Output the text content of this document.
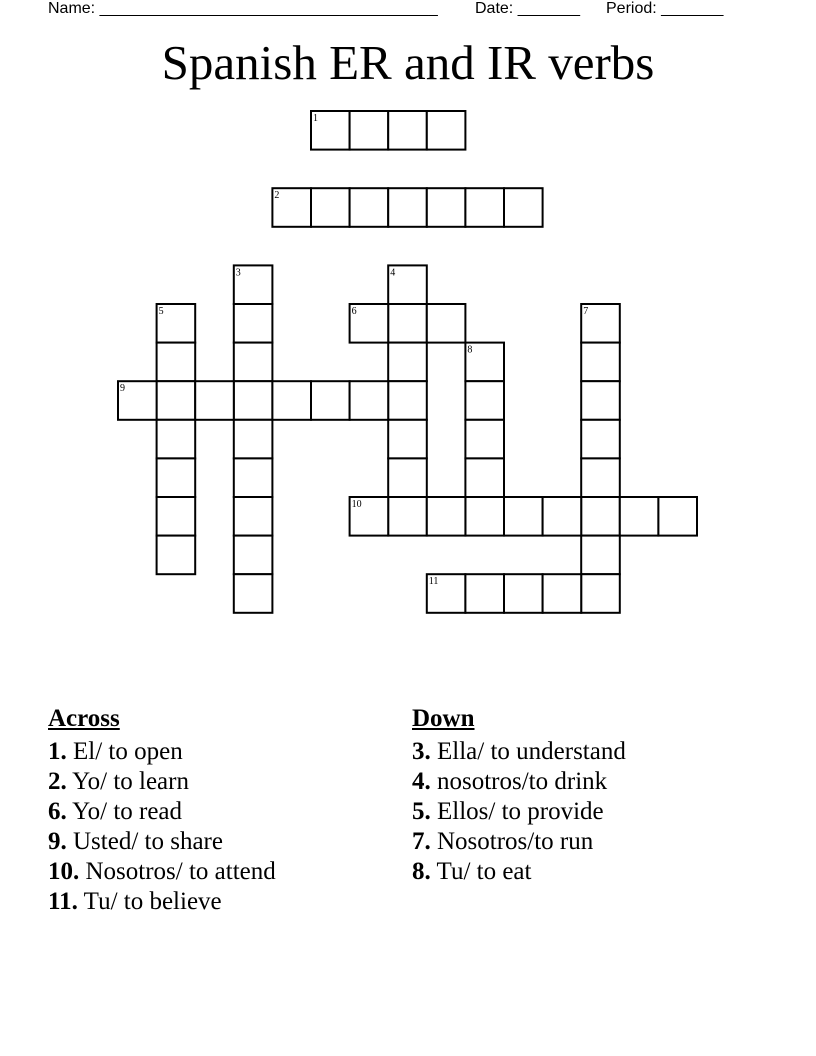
Name: ______________________________________ Date: _______ Period: _______
Spanish ER and IR verbs
1
2
3	4
5	6	7
8
9
10
11
Across
1. El/ to open
2. Yo/ to learn
6. Yo/ to read
9. Usted/ to share
10. Nosotros/ to attend
11. Tu/ to believe
Down
3. Ella/ to understand
4. nosotros/to drink
5. Ellos/ to provide
7. Nosotros/to run
8. Tu/ to eat
